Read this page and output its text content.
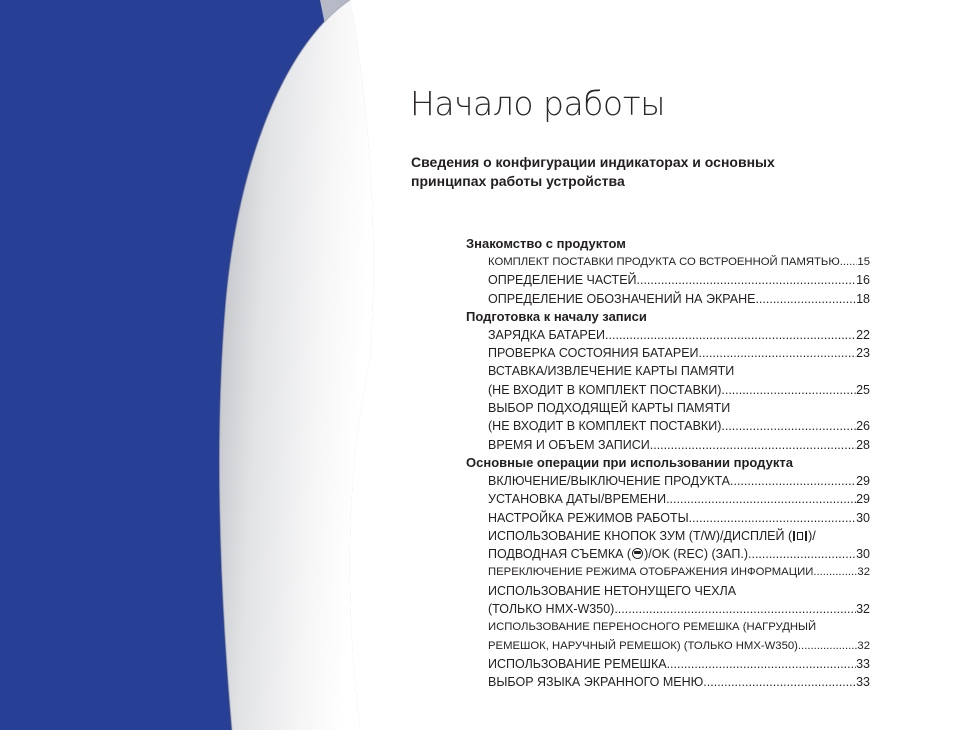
Начало работы

Сведения о конфигурации индикаторах и основных принципах работы устройства

Знакомство с продуктом
КОМПЛЕКТ ПОСТАВКИ ПРОДУКТА СО ВСТРОЕННОЙ ПАМЯТЬЮ ..... 15
ОПРЕДЕЛЕНИЕ ЧАСТЕЙ .....	16
ОПРЕДЕЛЕНИЕ ОБОЗНАЧЕНИЙ НА ЭКРАНЕ .....	18
Подготовка к началу записи
ЗАРЯДКА БАТАРЕИ .....	22
ПРОВЕРКА СОСТОЯНИЯ БАТАРЕИ .....	23
ВСТАВКА/ИЗВЛЕЧЕНИЕ КАРТЫ ПАМЯТИ
(НЕ ВХОДИТ В КОМПЛЕКТ ПОСТАВКИ) .....	25
ВЫБОР ПОДХОДЯЩЕЙ КАРТЫ ПАМЯТИ
(НЕ ВХОДИТ В КОМПЛЕКТ ПОСТАВКИ) .....	26
ВРЕМЯ И ОБЪЕМ ЗАПИСИ .....	28
Основные операции при использовании продукта
ВКЛЮЧЕНИЕ/ВЫКЛЮЧЕНИЕ ПРОДУКТА .....	29
УСТАНОВКА ДАТЫ/ВРЕМЕНИ .....	29
НАСТРОЙКА РЕЖИМОВ РАБОТЫ .....	30
ИСПОЛЬЗОВАНИЕ КНОПОК ЗУМ (T/W)/ДИСПЛЕЙ ( )/
ПОДВОДНАЯ СЪЕМКА ( )/OK (REC) (ЗАП.) .....	30
ПЕРЕКЛЮЧЕНИЕ РЕЖИМА ОТОБРАЖЕНИЯ ИНФОРМАЦИИ .....	32
ИСПОЛЬЗОВАНИЕ НЕТОНУЩЕГО ЧЕХЛА
(ТОЛЬКО HMX-W350) .....	32
ИСПОЛЬЗОВАНИЕ ПЕРЕНОСНОГО РЕМЕШКА (НАГРУДНЫЙ
РЕМЕШОК, НАРУЧНЫЙ РЕМЕШОК) (ТОЛЬКО HMX-W350) .....	32
ИСПОЛЬЗОВАНИЕ РЕМЕШКА .....	33
ВЫБОР ЯЗЫКА ЭКРАННОГО МЕНЮ .....	33
